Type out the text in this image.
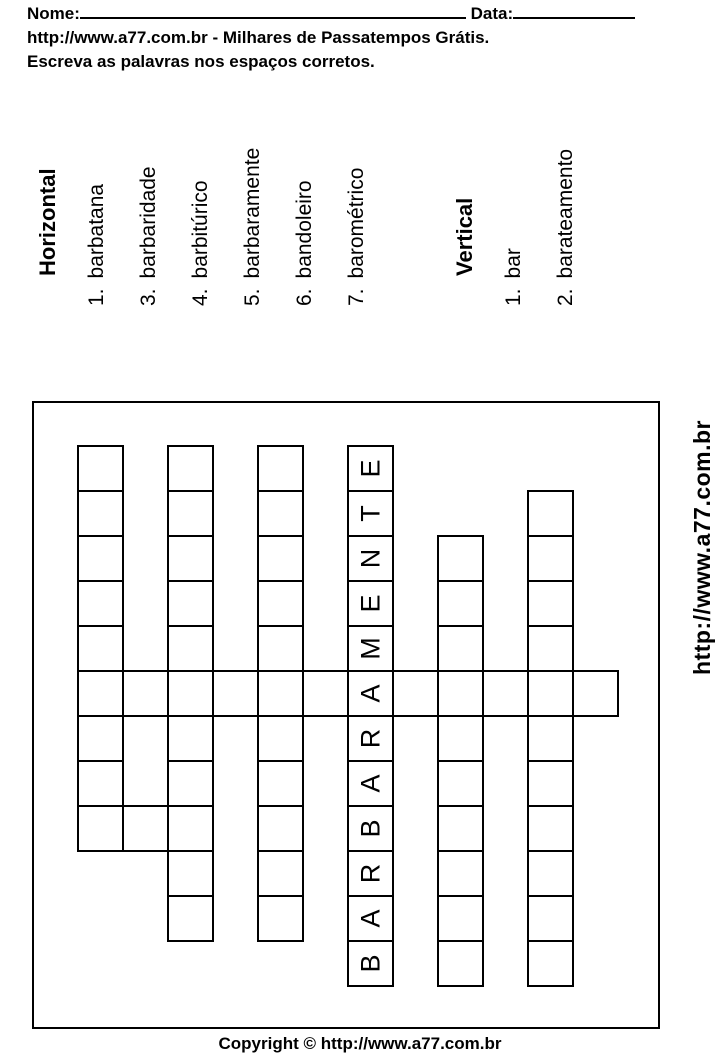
Nome:	Data:
http://www.a77.com.br - Milhares de Passatempos Grátis.
Escreva as palavras nos espaços corretos.
Horizontal
1.barbatana
3.barbaridade
4.barbitúrico
5.barbaramente
6.bandoleiro
7.barométrico	Vertical
1.bar
2.barateamento
B
A
R
B
A
R
A
M
E
N
T
E	http://www.a77.com.br
Copyright © http://www.a77.com.br
